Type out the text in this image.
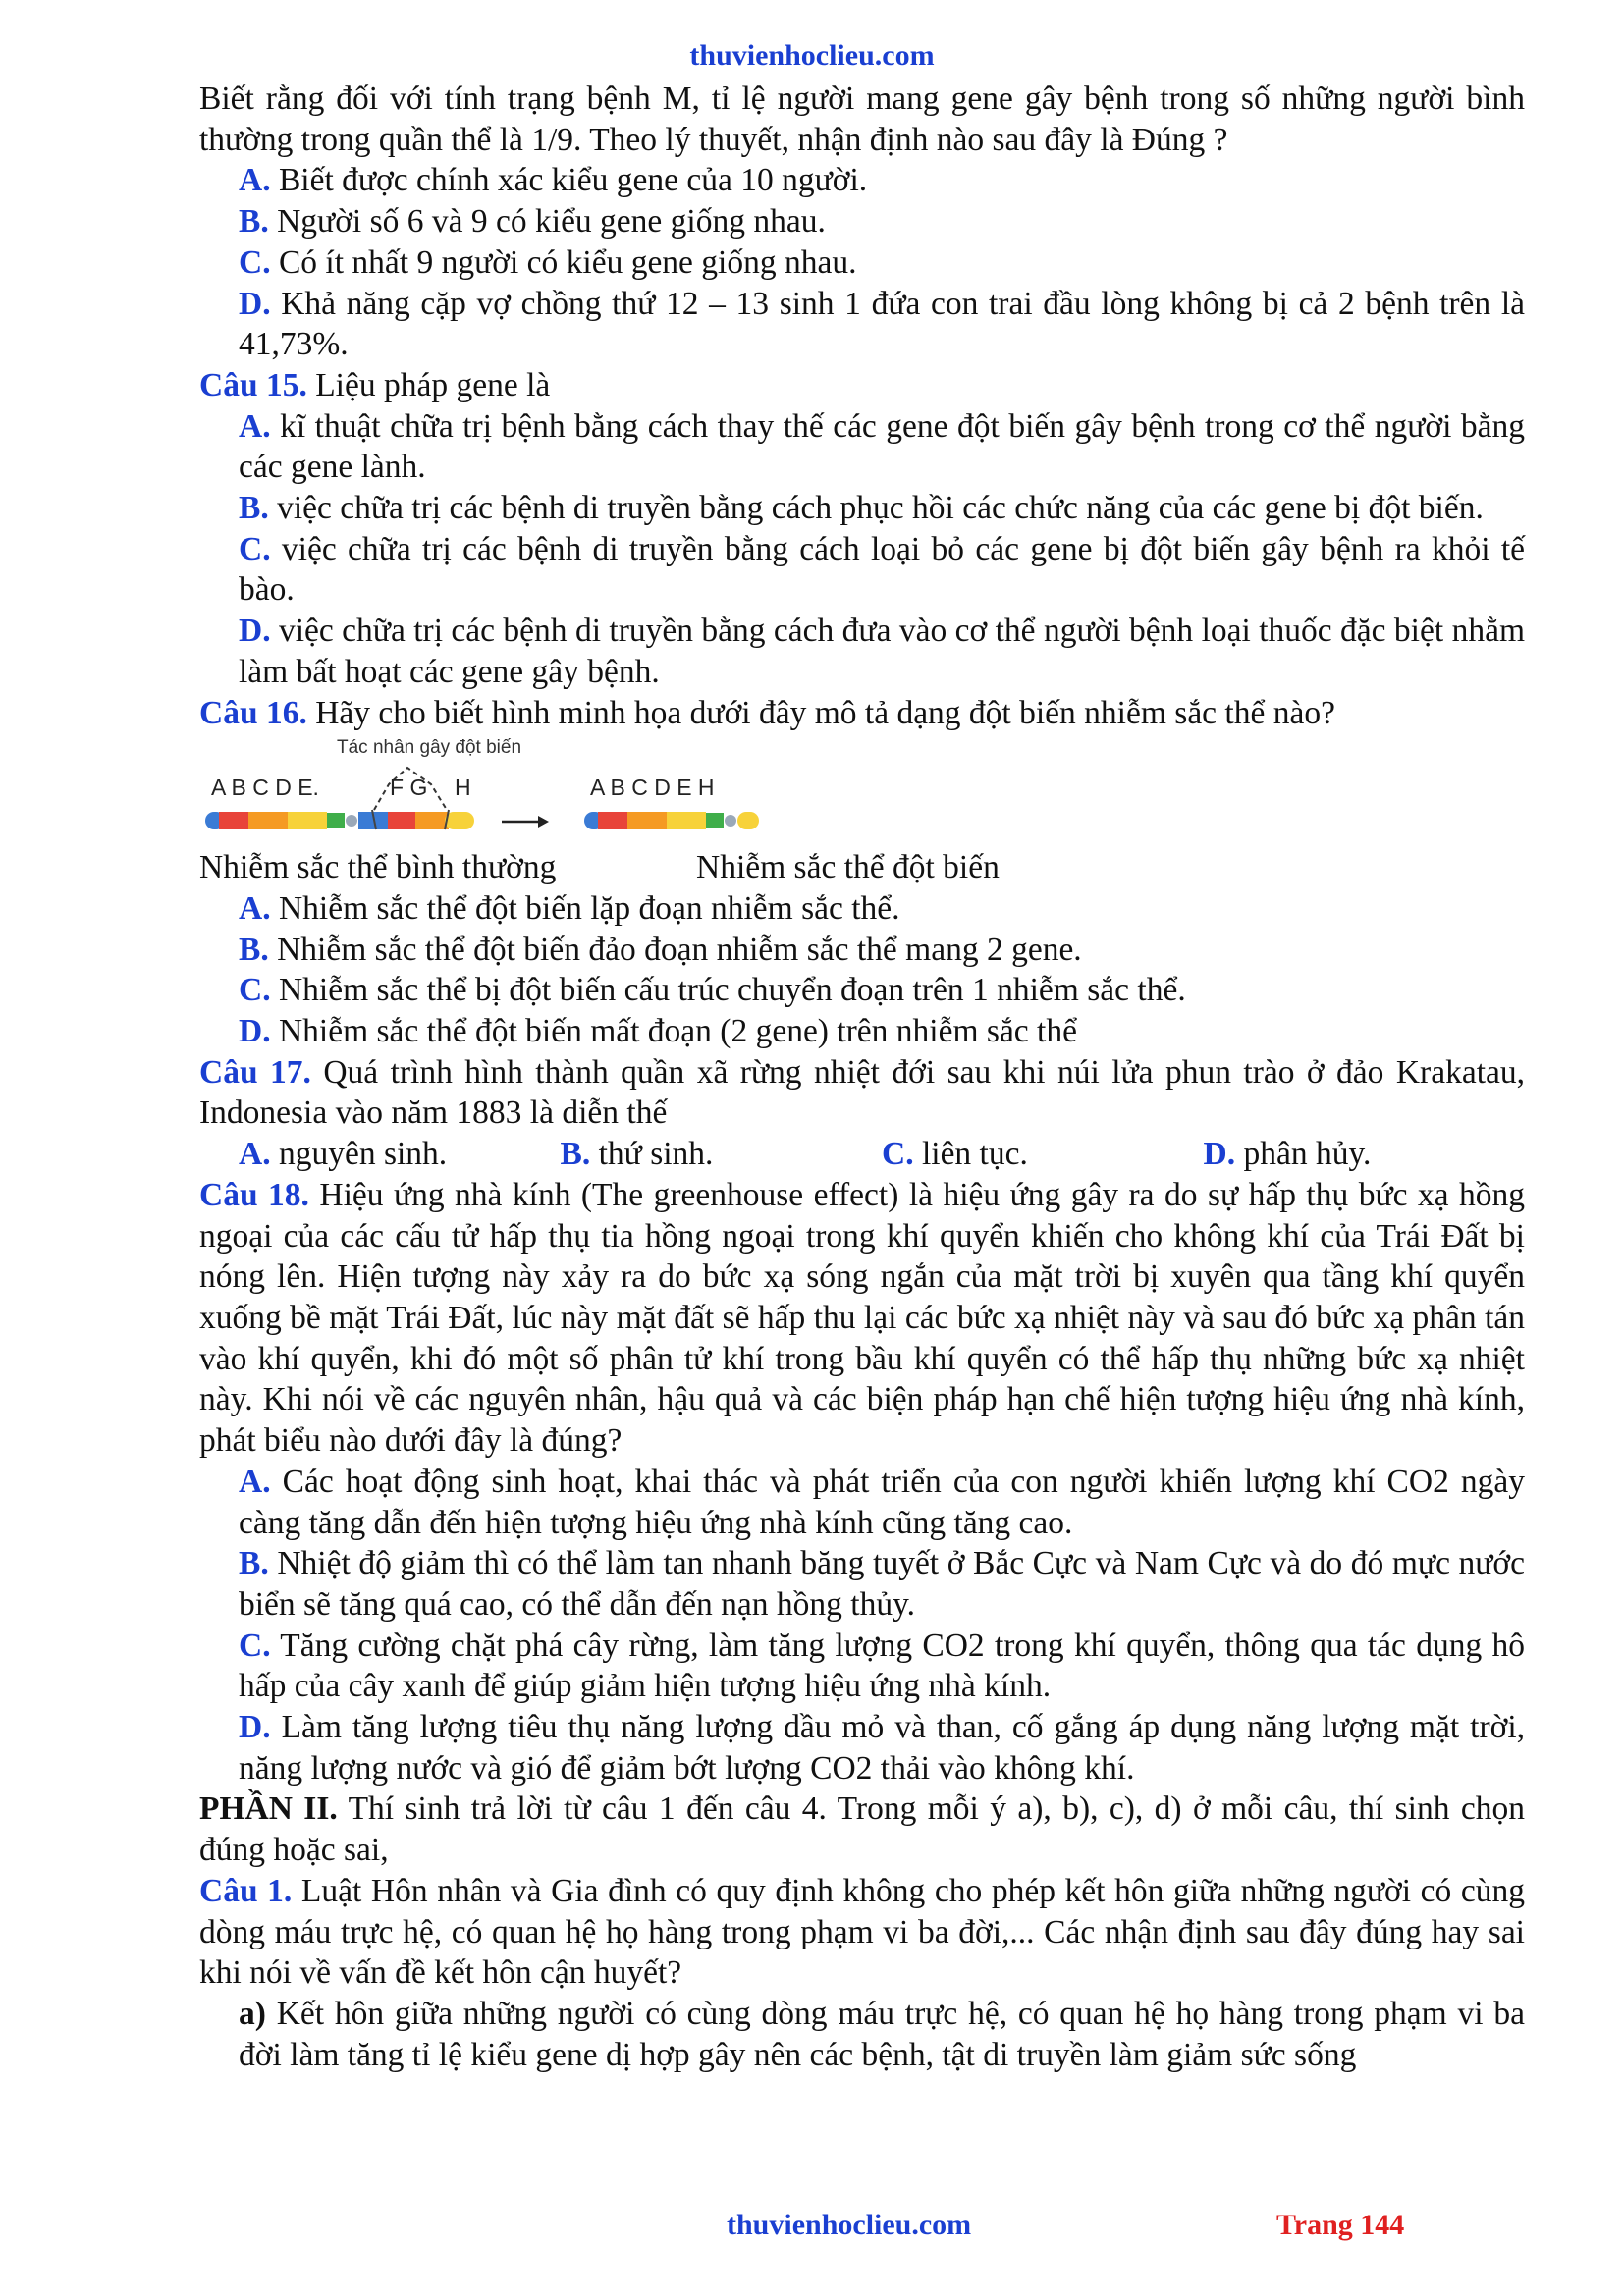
thuvienhoclieu.com

Biết rằng đối với tính trạng bệnh M, tỉ lệ người mang gene gây bệnh trong số những người bình thường trong quần thể là 1/9. Theo lý thuyết, nhận định nào sau đây là Đúng ?

A. Biết được chính xác kiểu gene của 10 người.

B. Người số 6 và 9 có kiểu gene giống nhau.

C. Có ít nhất 9 người có kiểu gene giống nhau.

D. Khả năng cặp vợ chồng thứ 12 – 13 sinh 1 đứa con trai đầu lòng không bị cả 2 bệnh trên là 41,73%.

Câu 15. Liệu pháp gene là

A. kĩ thuật chữa trị bệnh bằng cách thay thế các gene đột biến gây bệnh trong cơ thể người bằng các gene lành.

B. việc chữa trị các bệnh di truyền bằng cách phục hồi các chức năng của các gene bị đột biến.

C. việc chữa trị các bệnh di truyền bằng cách loại bỏ các gene bị đột biến gây bệnh ra khỏi tế bào.

D. việc chữa trị các bệnh di truyền bằng cách đưa vào cơ thể người bệnh loại thuốc đặc biệt nhằm làm bất hoạt các gene gây bệnh.

Câu 16. Hãy cho biết hình minh họa dưới đây mô tả dạng đột biến nhiễm sắc thể nào?

Tác nhân gây đột biến
A B C D E.	F G H	A B C D E H
Nhiễm sắc thể bình thường	Nhiễm sắc thể đột biến

A. Nhiễm sắc thể đột biến lặp đoạn nhiễm sắc thể.

B. Nhiễm sắc thể đột biến đảo đoạn nhiễm sắc thể mang 2 gene.

C. Nhiễm sắc thể bị đột biến cấu trúc chuyển đoạn trên 1 nhiễm sắc thể.

D. Nhiễm sắc thể đột biến mất đoạn (2 gene) trên nhiễm sắc thể

Câu 17. Quá trình hình thành quần xã rừng nhiệt đới sau khi núi lửa phun trào ở đảo Krakatau, Indonesia vào năm 1883 là diễn thế

A. nguyên sinh.	B. thứ sinh.	C. liên tục.	D. phân hủy.

Câu 18. Hiệu ứng nhà kính (The greenhouse effect) là hiệu ứng gây ra do sự hấp thụ bức xạ hồng ngoại của các cấu tử hấp thụ tia hồng ngoại trong khí quyển khiến cho không khí của Trái Đất bị nóng lên. Hiện tượng này xảy ra do bức xạ sóng ngắn của mặt trời bị xuyên qua tầng khí quyển xuống bề mặt Trái Đất, lúc này mặt đất sẽ hấp thu lại các bức xạ nhiệt này và sau đó bức xạ phân tán vào khí quyển, khi đó một số phân tử khí trong bầu khí quyển có thể hấp thụ những bức xạ nhiệt này. Khi nói về các nguyên nhân, hậu quả và các biện pháp hạn chế hiện tượng hiệu ứng nhà kính, phát biểu nào dưới đây là đúng?

A. Các hoạt động sinh hoạt, khai thác và phát triển của con người khiến lượng khí CO2 ngày càng tăng dẫn đến hiện tượng hiệu ứng nhà kính cũng tăng cao.

B. Nhiệt độ giảm thì có thể làm tan nhanh băng tuyết ở Bắc Cực và Nam Cực và do đó mực nước biển sẽ tăng quá cao, có thể dẫn đến nạn hồng thủy.

C. Tăng cường chặt phá cây rừng, làm tăng lượng CO2 trong khí quyển, thông qua tác dụng hô hấp của cây xanh để giúp giảm hiện tượng hiệu ứng nhà kính.

D. Làm tăng lượng tiêu thụ năng lượng dầu mỏ và than, cố gắng áp dụng năng lượng mặt trời, năng lượng nước và gió để giảm bớt lượng CO2 thải vào không khí.

PHẦN II. Thí sinh trả lời từ câu 1 đến câu 4. Trong mỗi ý a), b), c), d) ở mỗi câu, thí sinh chọn đúng hoặc sai,

Câu 1. Luật Hôn nhân và Gia đình có quy định không cho phép kết hôn giữa những người có cùng dòng máu trực hệ, có quan hệ họ hàng trong phạm vi ba đời,... Các nhận định sau đây đúng hay sai khi nói về vấn đề kết hôn cận huyết?

a) Kết hôn giữa những người có cùng dòng máu trực hệ, có quan hệ họ hàng trong phạm vi ba đời làm tăng tỉ lệ kiểu gene dị hợp gây nên các bệnh, tật di truyền làm giảm sức sống

thuvienhoclieu.com	Trang 144
